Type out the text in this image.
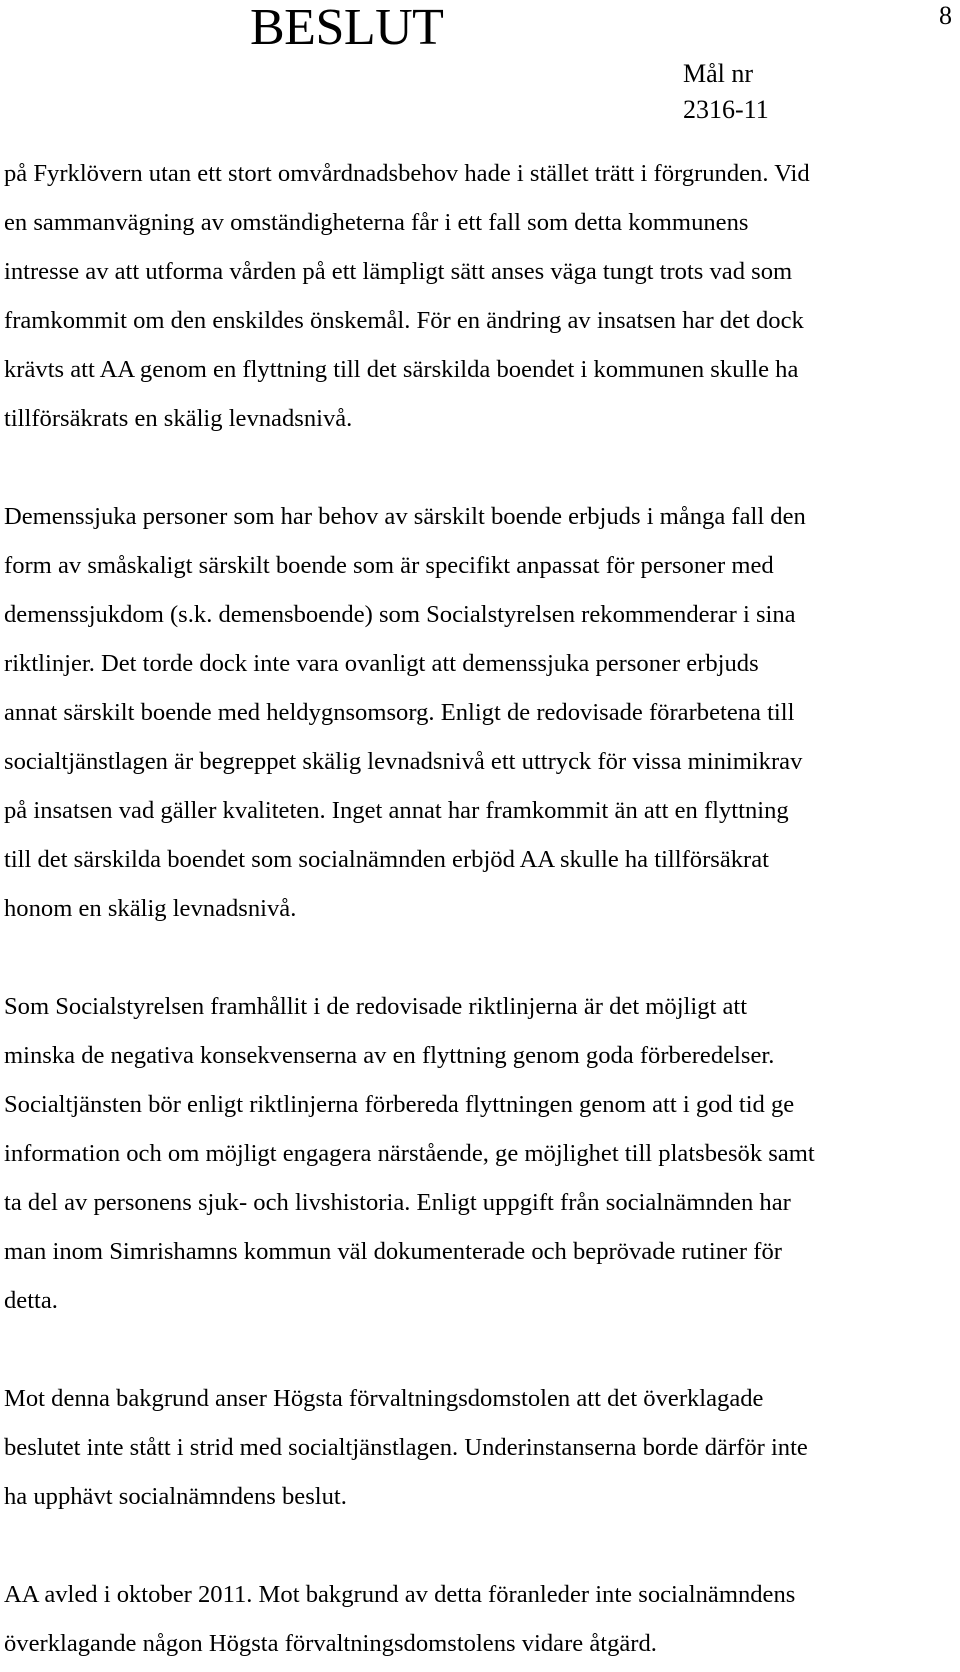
BESLUT	8
Mål nr
2316-11
på Fyrklövern utan ett stort omvårdnadsbehov hade i stället trätt i förgrunden. Vid
en sammanvägning av omständigheterna får i ett fall som detta kommunens
intresse av att utforma vården på ett lämpligt sätt anses väga tungt trots vad som
framkommit om den enskildes önskemål. För en ändring av insatsen har det dock
krävts att AA genom en flyttning till det särskilda boendet i kommunen skulle ha
tillförsäkrats en skälig levnadsnivå.
Demenssjuka personer som har behov av särskilt boende erbjuds i många fall den
form av småskaligt särskilt boende som är specifikt anpassat för personer med
demenssjukdom (s.k. demensboende) som Socialstyrelsen rekommenderar i sina
riktlinjer. Det torde dock inte vara ovanligt att demenssjuka personer erbjuds
annat särskilt boende med heldygnsomsorg. Enligt de redovisade förarbetena till
socialtjänstlagen är begreppet skälig levnadsnivå ett uttryck för vissa minimikrav
på insatsen vad gäller kvaliteten. Inget annat har framkommit än att en flyttning
till det särskilda boendet som socialnämnden erbjöd AA skulle ha tillförsäkrat
honom en skälig levnadsnivå.
Som Socialstyrelsen framhållit i de redovisade riktlinjerna är det möjligt att
minska de negativa konsekvenserna av en flyttning genom goda förberedelser.
Socialtjänsten bör enligt riktlinjerna förbereda flyttningen genom att i god tid ge
information och om möjligt engagera närstående, ge möjlighet till platsbesök samt
ta del av personens sjuk- och livshistoria. Enligt uppgift från socialnämnden har
man inom Simrishamns kommun väl dokumenterade och beprövade rutiner för
detta.
Mot denna bakgrund anser Högsta förvaltningsdomstolen att det överklagade
beslutet inte stått i strid med socialtjänstlagen. Underinstanserna borde därför inte
ha upphävt socialnämndens beslut.
AA avled i oktober 2011. Mot bakgrund av detta föranleder inte socialnämndens
överklagande någon Högsta förvaltningsdomstolens vidare åtgärd.
